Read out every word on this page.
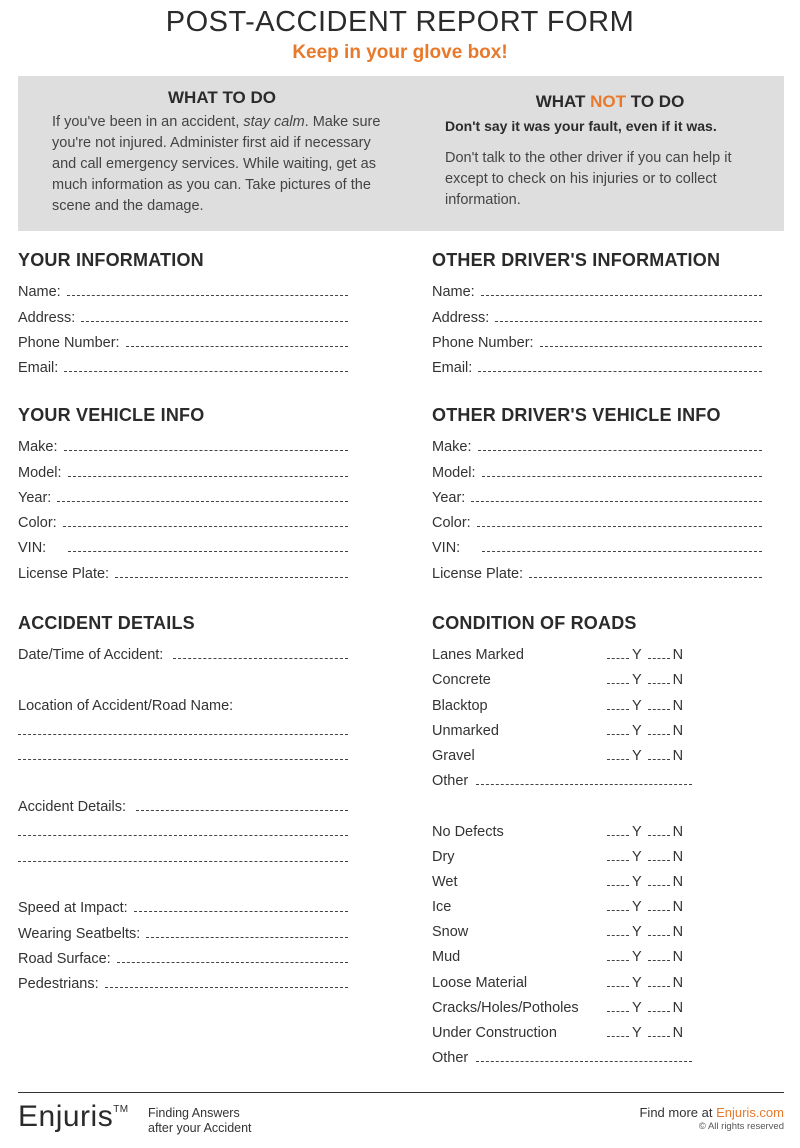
POST-ACCIDENT REPORT FORM
Keep in your glove box!
WHAT TO DO

If you've been in an accident, stay calm. Make sure you're not injured. Administer first aid if necessary and call emergency services. While waiting, get as much information as you can. Take pictures of the scene and the damage.

WHAT NOT TO DO
Don't say it was your fault, even if it was.

Don't talk to the other driver if you can help it except to check on his injuries or to collect information.

YOUR INFORMATION
Name:
Address:
Phone Number:
Email:
OTHER DRIVER'S INFORMATION
Name:
Address:
Phone Number:
Email:
YOUR VEHICLE INFO
Make:
Model:
Year:
Color:
VIN:
License Plate:
OTHER DRIVER'S VEHICLE INFO
Make:
Model:
Year:
Color:
VIN:
License Plate:
ACCIDENT DETAILS
Date/Time of Accident:
Location of Accident/Road Name:
Accident Details:
Speed at Impact:
Wearing Seatbelts:
Road Surface:
Pedestrians:
CONDITION OF ROADS
Lanes Marked	Y N
Concrete	Y N
Blacktop	Y N
Unmarked	Y N
Gravel	Y N
Other
No Defects	Y N
Dry	Y N
Wet	Y N
Ice	Y N
Snow	Y N
Mud	Y N
Loose Material	Y N
Cracks/Holes/Potholes	Y N
Under Construction	Y N
Other
Enjuris™ Finding Answers
after your Accident
Find more at Enjuris.com
© All rights reserved
